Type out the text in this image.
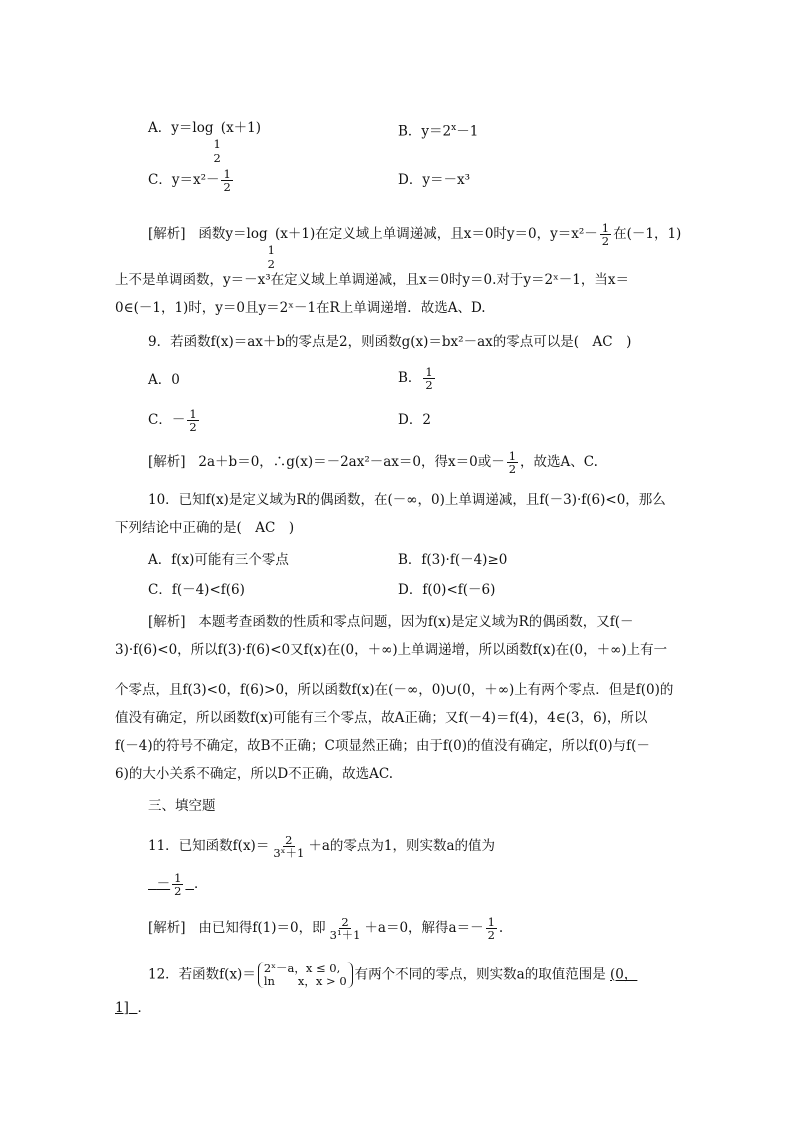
A．y＝log
1
2
(x＋1)	B．$y=2^x-1$
C．$y=x^2- \frac{1}{2}$	D．y＝－x³
[解析] 函数y＝log
1
2
(x＋1)在定义域上单调递减，且x＝0时y＝0，$y=x^2- \frac{1}{2}$ 在(－1，1)
上不是单调函数，y＝－x³在定义域上单调递减，且x＝0时y＝0.对于y＝2ˣ－1，当x＝
0∈(－1，1)时，y＝0且y＝2ˣ－1在R上单调递增．故选A、D.
9．若函数f(x)＝ax＋b的零点是2，则函数g(x)＝bx²－ax的零点可以是(　AC　)
A．0	B． $\frac{1}{2}$
C．－ $\frac{1}{2}$	D．2
[解析] 2a＋b＝0，∴g(x)＝－2ax²－ax＝0，得x＝0或－ $\frac{1}{2}$ ，故选A、C.
10．已知f(x)是定义域为R的偶函数，在(－∞，0)上单调递减，且f(－3)·f(6)<0，那么
下列结论中正确的是(　AC　)
A．f(x)可能有三个零点	B．f(3)·f(－4)≥0
C．f(－4)<f(6)	D．f(0)<f(－6)
[解析] 本题考查函数的性质和零点问题，因为f(x)是定义域为R的偶函数，又f(－
3)·f(6)<0，所以f(3)·f(6)<0又f(x)在(0，＋∞)上单调递增，所以函数f(x)在(0，＋∞)上有一
个零点，且f(3)<0，f(6)>0，所以函数f(x)在(－∞，0)∪(0，＋∞)上有两个零点．但是f(0)的
值没有确定，所以函数f(x)可能有三个零点，故A正确；又f(－4)＝f(4)，4∈(3，6)，所以
f(－4)的符号不确定，故B不正确；C项显然正确；由于f(0)的值没有确定，所以f(0)与f(－
6)的大小关系不确定，所以D不正确，故选AC.
三、填空题
11．已知函数$f(x)= \frac{2}{\text{3ˣ＋1}} +a$的零点为1，则实数a的值为
－ $\frac{1}{2}$ ．
[解析] 由已知得f(1)＝0，即 $\frac{2}{\text{3¹＋1}} +a=0$，解得$a=- \frac{1}{2}$ .
12．若函数f(x)＝ 2ˣ－a，x ≤ 0,
ln　　x，x > 0 有两个不同的零点，则实数a的取值范围是 (0，
1] ．
